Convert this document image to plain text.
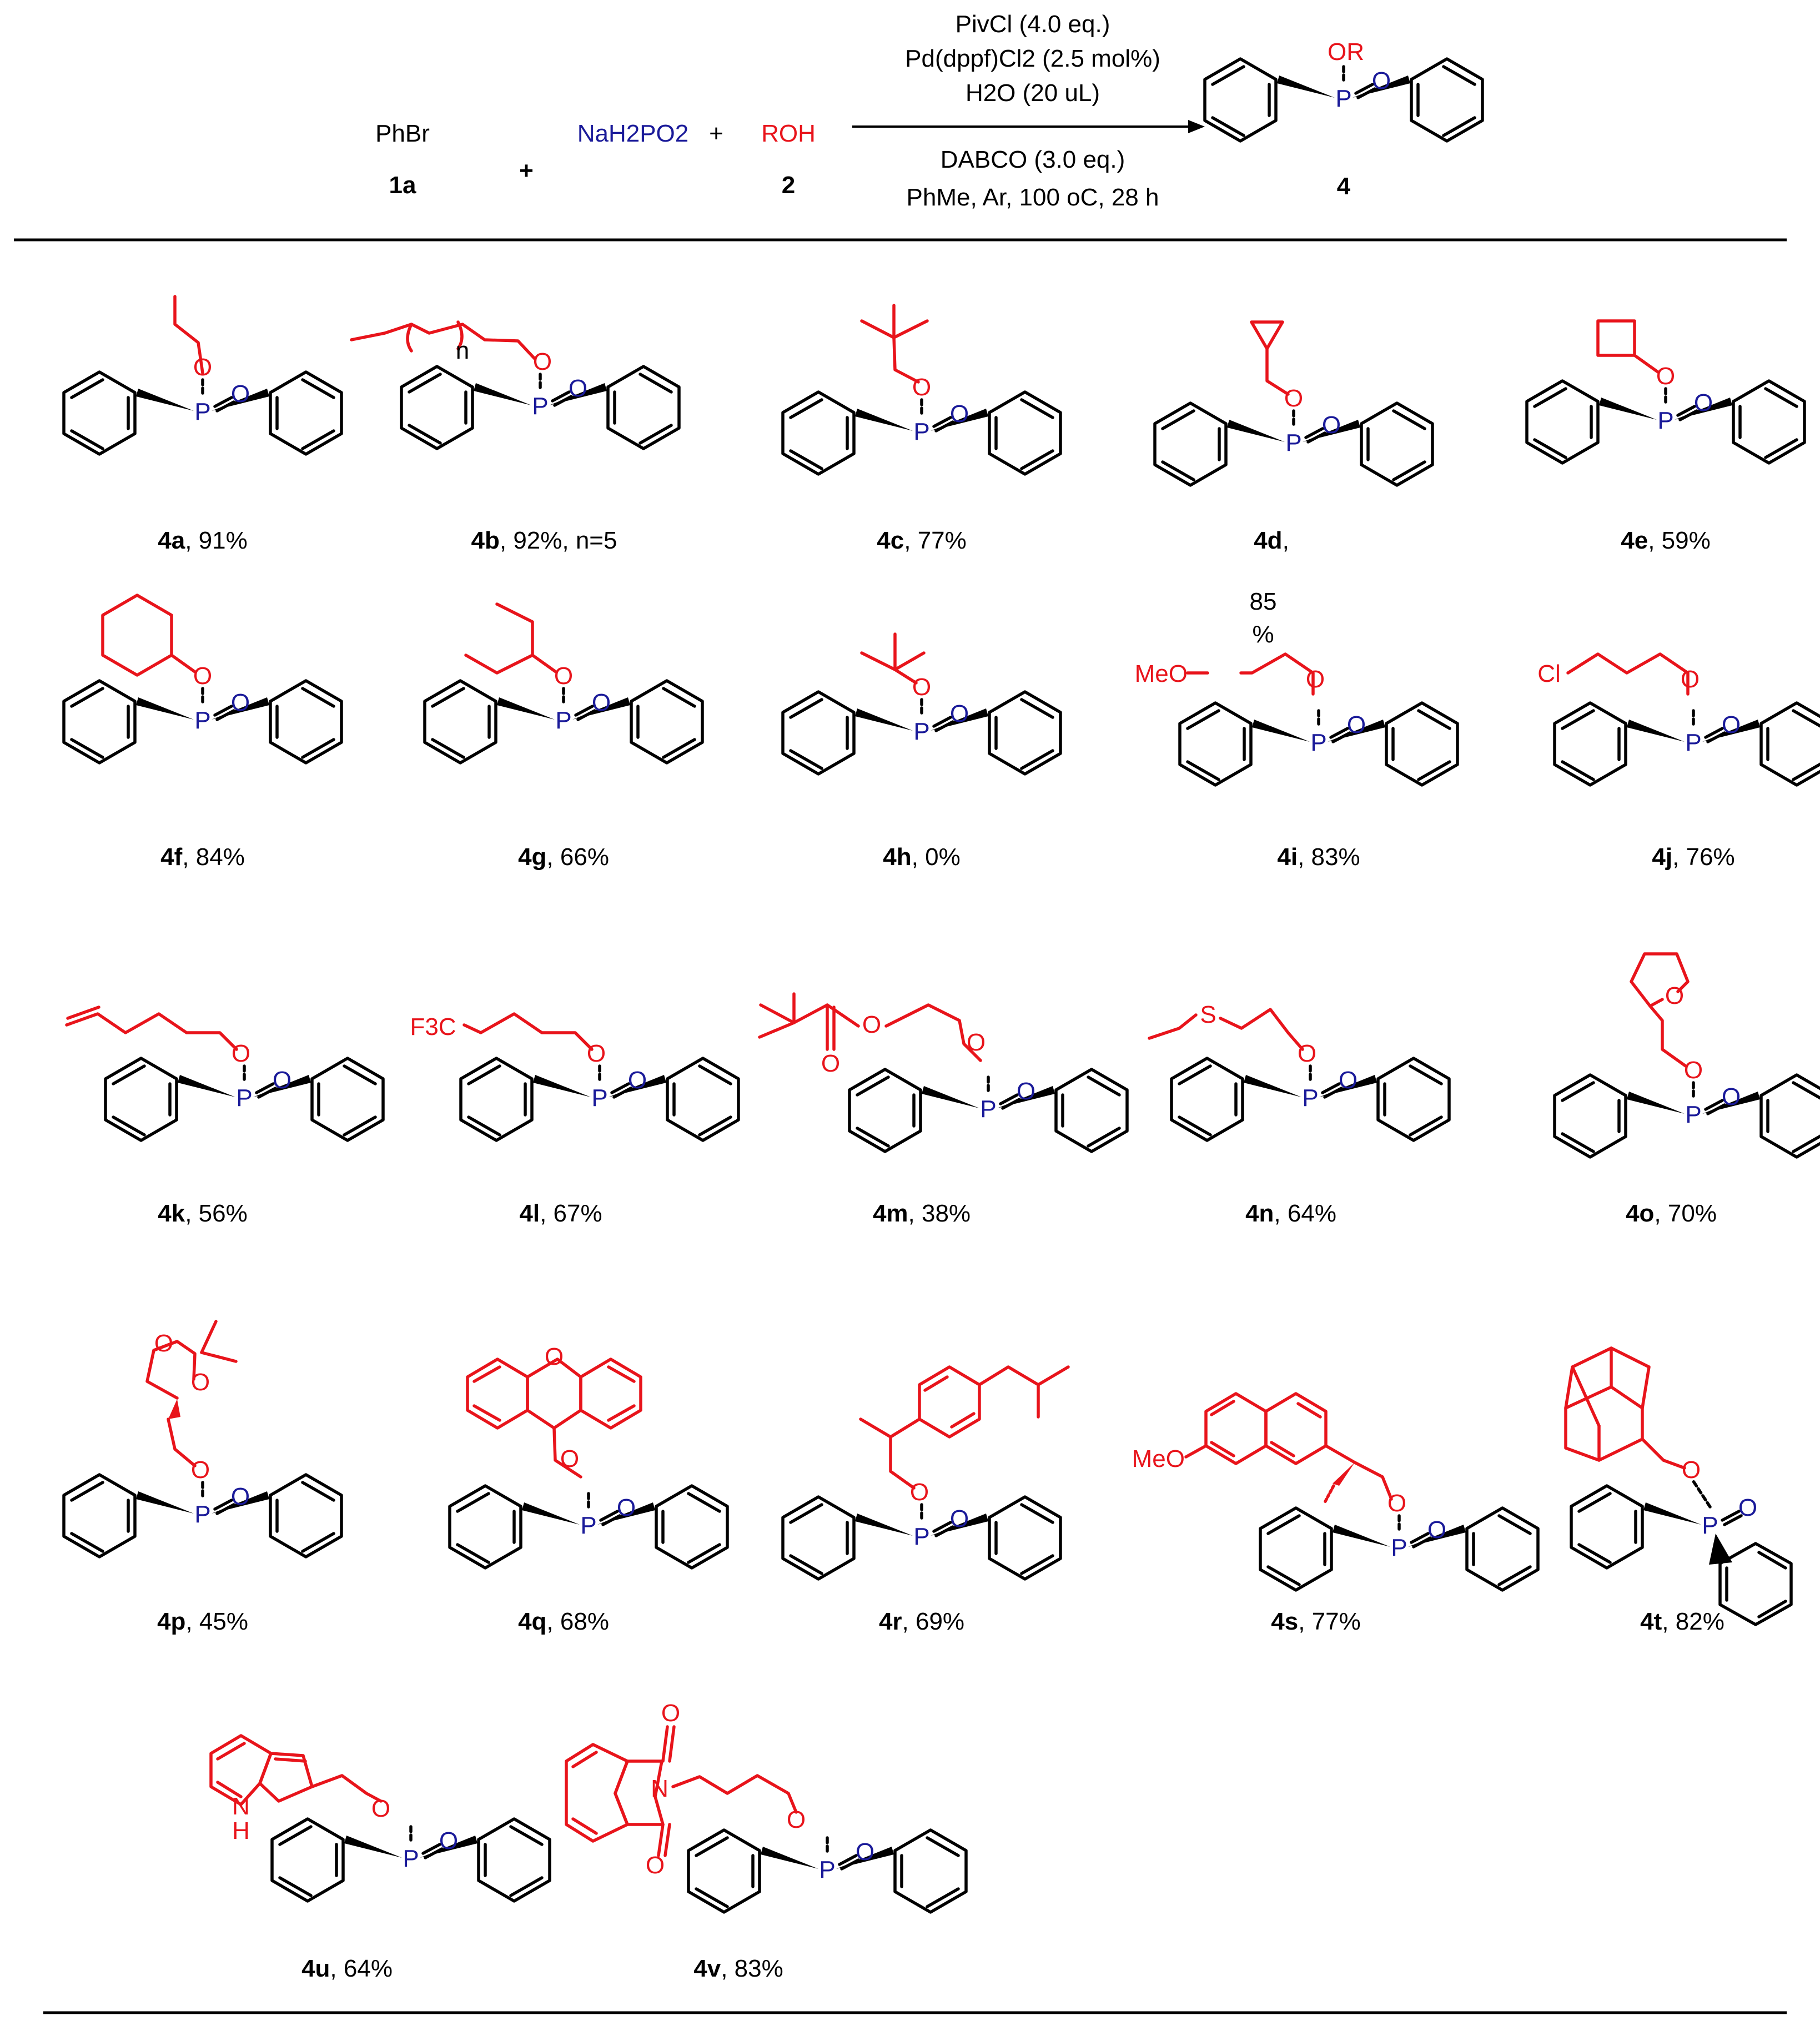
PhBr
1a
+
NaH2PO2 + ROH
2
PivCl (4.0 eq.)
Pd(dppf)Cl2 (2.5 mol%)
H2O (20 uL)
DABCO (3.0 eq.)
PhMe, Ar, 100 oC, 28 h
P
O
OR
4
P
O
O
P
O
O
n
P
O
O
P
O
O
P
O
O
4a, 91%	4b, 92%, n=5	4c, 77%	4d,
85
%
4e, 59%
P
O
O
P
O
O
P
O
O
P
O
O
MeO
P
O
O
Cl
4f, 84%	4g, 66%	4h, 0%	4i, 83%	4j, 76%
P
O
O
P
O
O
F3C
P
O
O
O
O
P
O
O
S
P
O
O
O
4k, 56%	4l, 67%	4m, 38%	4n, 64%	4o, 70%
P
O
O
O
O
P
O
O
O
P
O
O
P
O
O
MeO
P
O
O
4p, 45%	4q, 68%	4r, 69%	4s, 77%	4t, 82%
P
O
O
N
H
P
O
O
N
O
O
4u, 64%	4v, 83%
